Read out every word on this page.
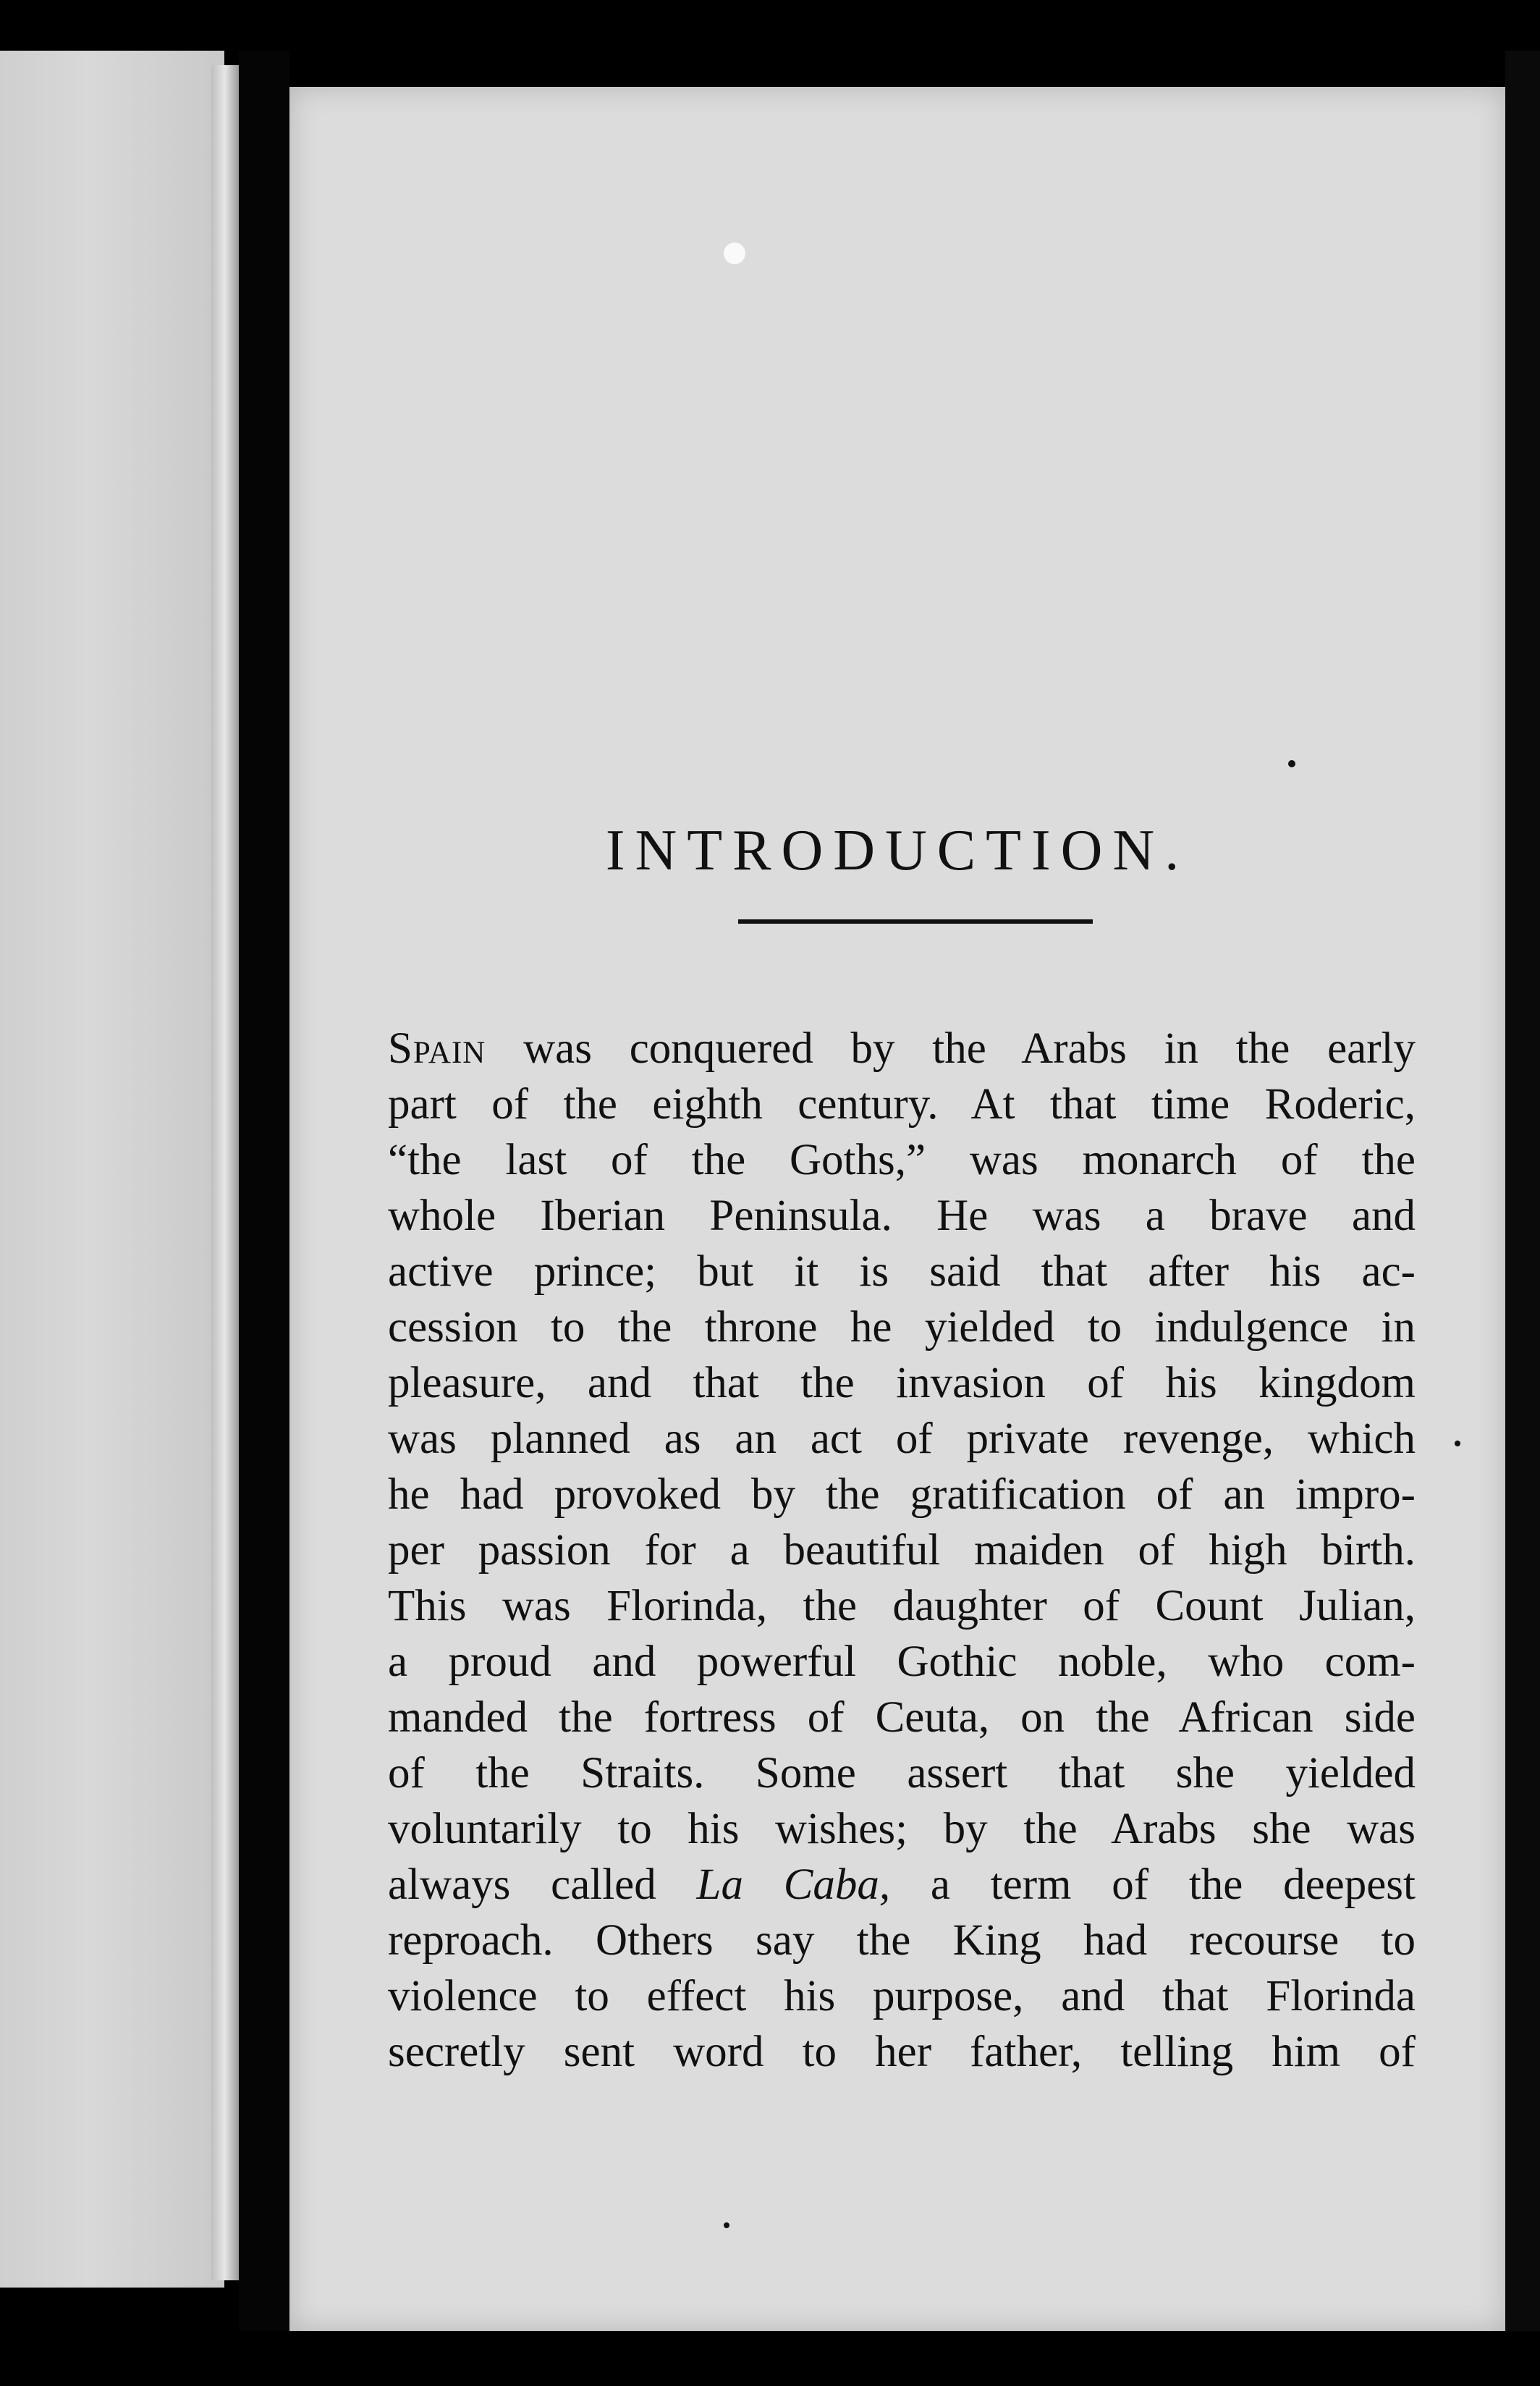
INTRODUCTION.
Spain was conquered by the Arabs in the early
part of the eighth century. At that time Roderic,
“the last of the Goths,” was monarch of the
whole Iberian Peninsula. He was a brave and
active prince; but it is said that after his ac-
cession to the throne he yielded to indulgence in
pleasure, and that the invasion of his kingdom
was planned as an act of private revenge, which
he had provoked by the gratification of an impro-
per passion for a beautiful maiden of high birth.
This was Florinda, the daughter of Count Julian,
a proud and powerful Gothic noble, who com-
manded the fortress of Ceuta, on the African side
of the Straits. Some assert that she yielded
voluntarily to his wishes; by the Arabs she was
always called La Caba, a term of the deepest
reproach. Others say the King had recourse to
violence to effect his purpose, and that Florinda
secretly sent word to her father, telling him of
